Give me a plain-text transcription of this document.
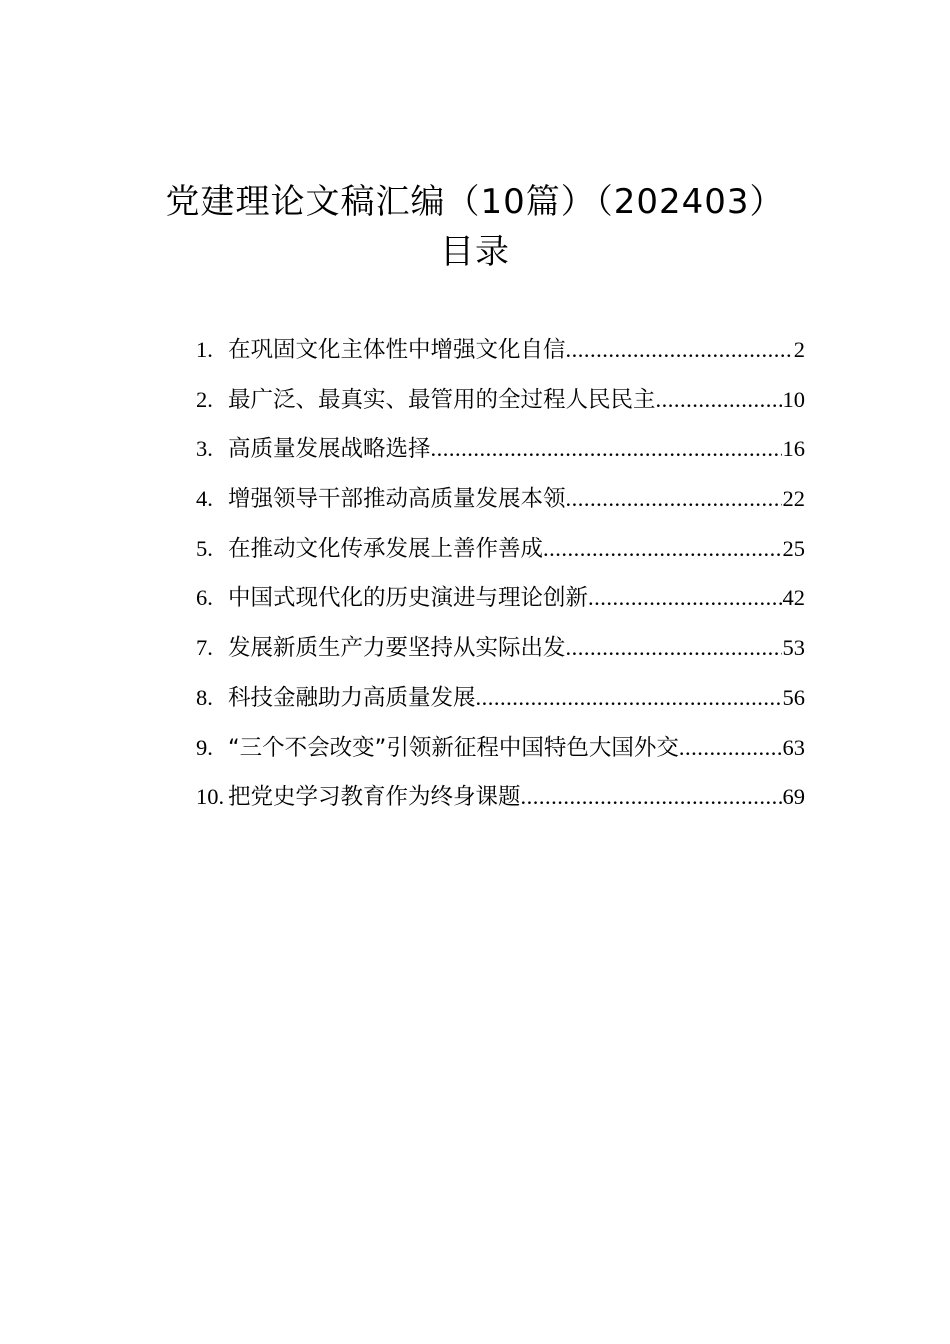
党建理论文稿汇编（10篇）（202403）
目录
1. 在巩固文化主体性中增强文化自信 .....	2
2. 最广泛、最真实、最管用的全过程人民民主 .....	10
3. 高质量发展战略选择 .....	16
4. 增强领导干部推动高质量发展本领 .....	22
5. 在推动文化传承发展上善作善成 .....	25
6. 中国式现代化的历史演进与理论创新 .....	42
7. 发展新质生产力要坚持从实际出发 .....	53
8. 科技金融助力高质量发展 .....	56
9. “三个不会改变”引领新征程中国特色大国外交 .....	63
10. 把党史学习教育作为终身课题 .....	69
